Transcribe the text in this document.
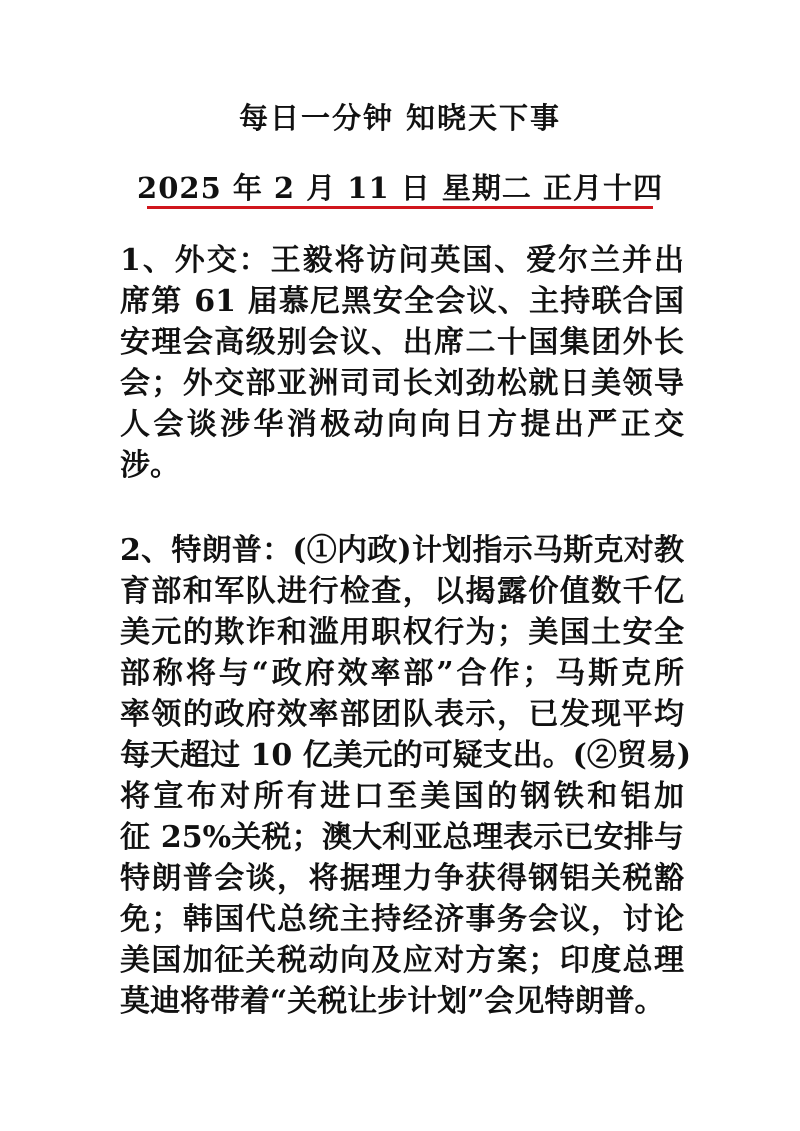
每日一分钟 知晓天下事
2025 年 2 月 11 日 星期二 正月十四
1、外交：王毅将访问英国、爱尔兰并出
席第 61 届慕尼黑安全会议、主持联合国
安理会高级别会议、出席二十国集团外长
会；外交部亚洲司司长刘劲松就日美领导
人会谈涉华消极动向向日方提出严正交
涉。
2、特朗普：(①内政)计划指示马斯克对教
育部和军队进行检查，以揭露价值数千亿
美元的欺诈和滥用职权行为；美国土安全
部称将与“政府效率部”合作；马斯克所
率领的政府效率部团队表示，已发现平均
每天超过 10 亿美元的可疑支出。(②贸易)
将宣布对所有进口至美国的钢铁和铝加
征 25%关税；澳大利亚总理表示已安排与
特朗普会谈，将据理力争获得钢铝关税豁
免；韩国代总统主持经济事务会议，讨论
美国加征关税动向及应对方案；印度总理
莫迪将带着“关税让步计划”会见特朗普。
